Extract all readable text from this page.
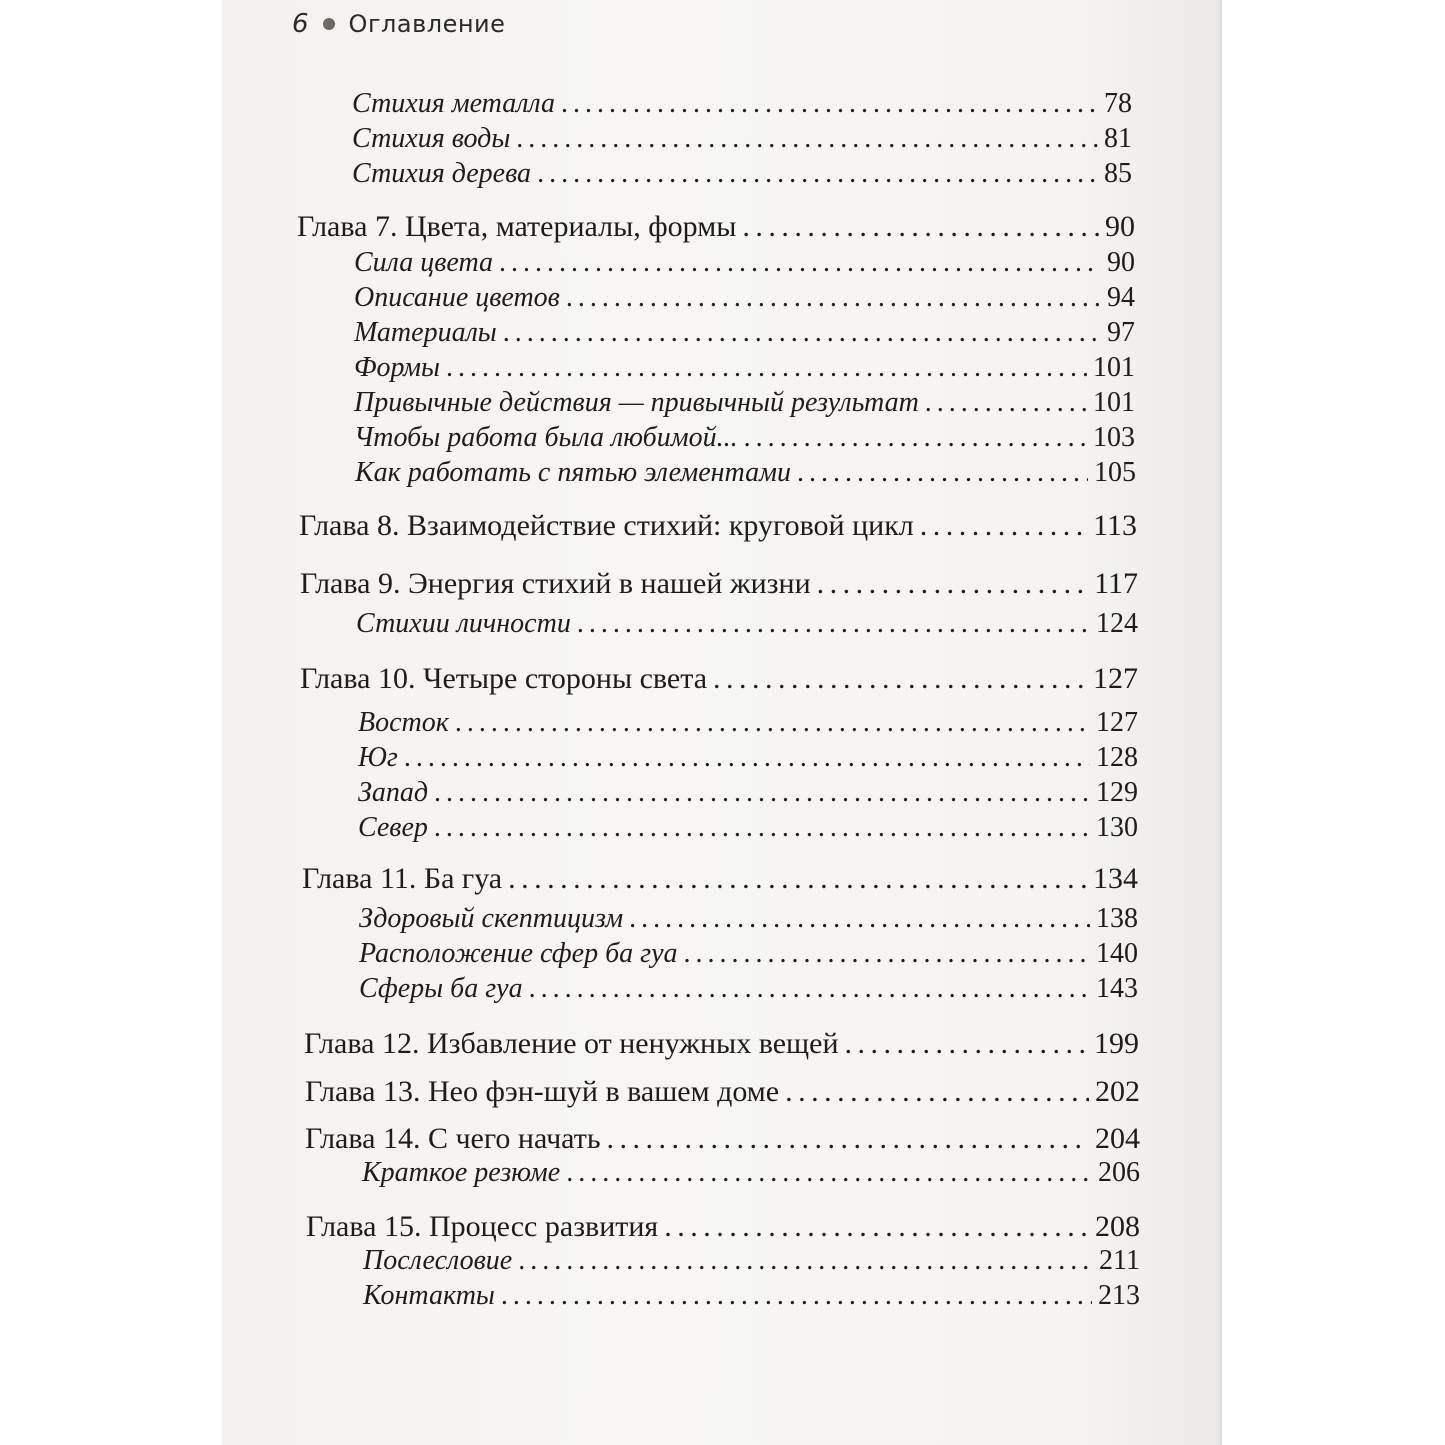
6 Оглавление
Стихия металла . . .	78
Стихия воды . . .	81
Стихия дерева . . .	85
Глава 7. Цвета, материалы, формы . . .	90
Сила цвета . . .	90
Описание цветов . . .	94
Материалы . . .	97
Формы . . .	101
Привычные действия — привычный результат . . .	101
Чтобы работа была любимой... . . .	103
Как работать с пятью элементами . . .	105
Глава 8. Взаимодействие стихий: круговой цикл . . .	113
Глава 9. Энергия стихий в нашей жизни . . .	117
Стихии личности . . .	124
Глава 10. Четыре стороны света . . .	127
Восток . . .	127
Юг . . .	128
Запад . . .	129
Север . . .	130
Глава 11. Ба гуа . . .	134
Здоровый скептицизм . . .	138
Расположение сфер ба гуа . . .	140
Сферы ба гуа . . .	143
Глава 12. Избавление от ненужных вещей . . .	199
Глава 13. Нео фэн-шуй в вашем доме . . .	202
Глава 14. С чего начать . . .	204
Краткое резюме . . .	206
Глава 15. Процесс развития . . .	208
Послесловие . . .	211
Контакты . . .	213
